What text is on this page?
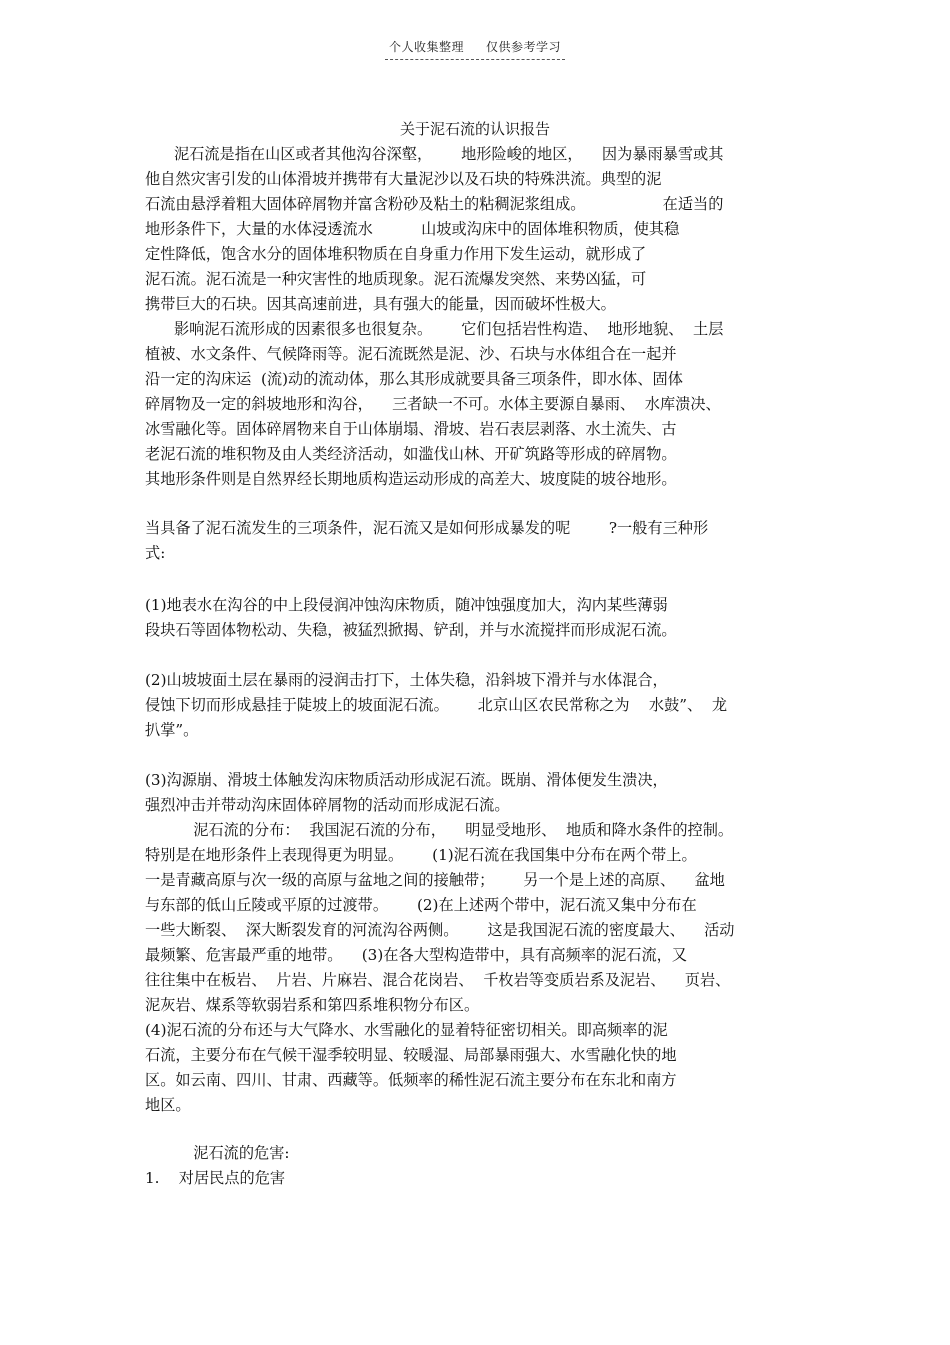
个人收集整理 仅供参考学习
关于泥石流的认识报告
泥石流是指在山区或者其他沟谷深壑，      地形险峻的地区，    因为暴雨暴雪或其
他自然灾害引发的山体滑坡并携带有大量泥沙以及石块的特殊洪流。典型的泥
石流由悬浮着粗大固体碎屑物并富含粉砂及粘土的粘稠泥浆组成。                在适当的
地形条件下，大量的水体浸透流水          山坡或沟床中的固体堆积物质，使其稳
定性降低，饱含水分的固体堆积物质在自身重力作用下发生运动，就形成了
泥石流。泥石流是一种灾害性的地质现象。泥石流爆发突然、来势凶猛，可
携带巨大的石块。因其高速前进，具有强大的能量，因而破坏性极大。
影响泥石流形成的因素很多也很复杂。      它们包括岩性构造、  地形地貌、  土层
植被、水文条件、气候降雨等。泥石流既然是泥、沙、石块与水体组合在一起并
沿一定的沟床运  (流)动的流动体，那么其形成就要具备三项条件，即水体、固体
碎屑物及一定的斜坡地形和沟谷，    三者缺一不可。水体主要源自暴雨、  水库溃决、
冰雪融化等。固体碎屑物来自于山体崩塌、滑坡、岩石表层剥落、水土流失、古
老泥石流的堆积物及由人类经济活动，如滥伐山林、开矿筑路等形成的碎屑物。
其地形条件则是自然界经长期地质构造运动形成的高差大、坡度陡的坡谷地形。
当具备了泥石流发生的三项条件，泥石流又是如何形成暴发的呢        ?一般有三种形
式:
(1)地表水在沟谷的中上段侵润冲蚀沟床物质，随冲蚀强度加大，沟内某些薄弱
段块石等固体物松动、失稳，被猛烈掀揭、铲刮，并与水流搅拌而形成泥石流。
(2)山坡坡面土层在暴雨的浸润击打下，土体失稳，沿斜坡下滑并与水体混合，
侵蚀下切而形成悬挂于陡坡上的坡面泥石流。      北京山区农民常称之为    水鼓”、  龙
扒掌”。
(3)沟源崩、滑坡土体触发沟床物质活动形成泥石流。既崩、滑体便发生溃决，
强烈冲击并带动沟床固体碎屑物的活动而形成泥石流。
泥石流的分布：  我国泥石流的分布，    明显受地形、  地质和降水条件的控制。
特别是在地形条件上表现得更为明显。      (1)泥石流在我国集中分布在两个带上。
一是青藏高原与次一级的高原与盆地之间的接触带；      另一个是上述的高原、    盆地
与东部的低山丘陵或平原的过渡带。      (2)在上述两个带中，泥石流又集中分布在
一些大断裂、  深大断裂发育的河流沟谷两侧。      这是我国泥石流的密度最大、    活动
最频繁、危害最严重的地带。    (3)在各大型构造带中，具有高频率的泥石流，又
往往集中在板岩、  片岩、片麻岩、混合花岗岩、  千枚岩等变质岩系及泥岩、    页岩、
泥灰岩、煤系等软弱岩系和第四系堆积物分布区。
(4)泥石流的分布还与大气降水、水雪融化的显着特征密切相关。即高频率的泥
石流，主要分布在气候干湿季较明显、较暖湿、局部暴雨强大、水雪融化快的地
区。如云南、四川、甘肃、西藏等。低频率的稀性泥石流主要分布在东北和南方
地区。
泥石流的危害:
1.    对居民点的危害
